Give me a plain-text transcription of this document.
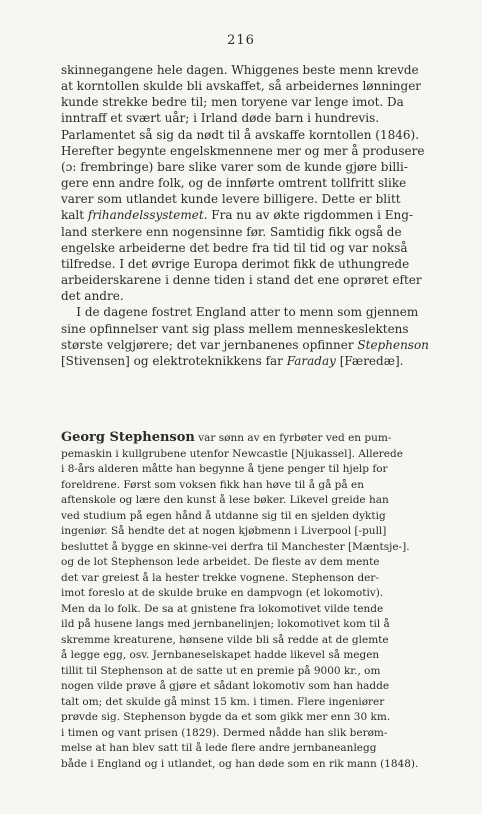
216
skinnegangene hele dagen. Whiggenes beste menn krevde
at korntollen skulde bli avskaffet, så arbeidernes lønninger
kunde strekke bedre til; men toryene var lenge imot. Da
inntraff et svært uår; i Irland døde barn i hundrevis.
Parlamentet så sig da nødt til å avskaffe korntollen (1846).
Herefter begynte engelskmennene mer og mer å produsere
(ɔ: frembringe) bare slike varer som de kunde gjøre billi-
gere enn andre folk, og de innførte omtrent tollfritt slike
varer som utlandet kunde levere billigere. Dette er blitt
kalt frihandelssystemet. Fra nu av økte rigdommen i Eng-
land sterkere enn nogensinne før. Samtidig fikk også de
engelske arbeiderne det bedre fra tid til tid og var nokså
tilfredse. I det øvrige Europa derimot fikk de uthungrede
arbeiderskarene i denne tiden i stand det ene oprøret efter
det andre.
I de dagene fostret England atter to menn som gjennem
sine opfinnelser vant sig plass mellem menneskeslektens
største velgjørere; det var jernbanenes opfinner Stephenson
[Stivensen] og elektroteknikkens far Faraday [Færedæ].
Georg Stephenson var sønn av en fyrbøter ved en pum-
pemaskin i kullgrubene utenfor Newcastle [Njukassel]. Allerede
i 8-års alderen måtte han begynne å tjene penger til hjelp for
foreldrene. Først som voksen fikk han høve til å gå på en
aftenskole og lære den kunst å lese bøker. Likevel greide han
ved studium på egen hånd å utdanne sig til en sjelden dyktig
ingeniør. Så hendte det at nogen kjøbmenn i Liverpool [-pull]
besluttet å bygge en skinne-vei derfra til Manchester [Mæntsje-].
og de lot Stephenson lede arbeidet. De fleste av dem mente
det var greiest å la hester trekke vognene. Stephenson der-
imot foreslo at de skulde bruke en dampvogn (et lokomotiv).
Men da lo folk. De sa at gnistene fra lokomotivet vilde tende
ild på husene langs med jernbanelinjen; lokomotivet kom til å
skremme kreaturene, hønsene vilde bli så redde at de glemte
å legge egg, osv. Jernbaneselskapet hadde likevel så megen
tillit til Stephenson at de satte ut en premie på 9000 kr., om
nogen vilde prøve å gjøre et sådant lokomotiv som han hadde
talt om; det skulde gå minst 15 km. i timen. Flere ingeniører
prøvde sig. Stephenson bygde da et som gikk mer enn 30 km.
i timen og vant prisen (1829). Dermed nådde han slik berøm-
melse at han blev satt til å lede flere andre jernbaneanlegg
både i England og i utlandet, og han døde som en rik mann (1848).
